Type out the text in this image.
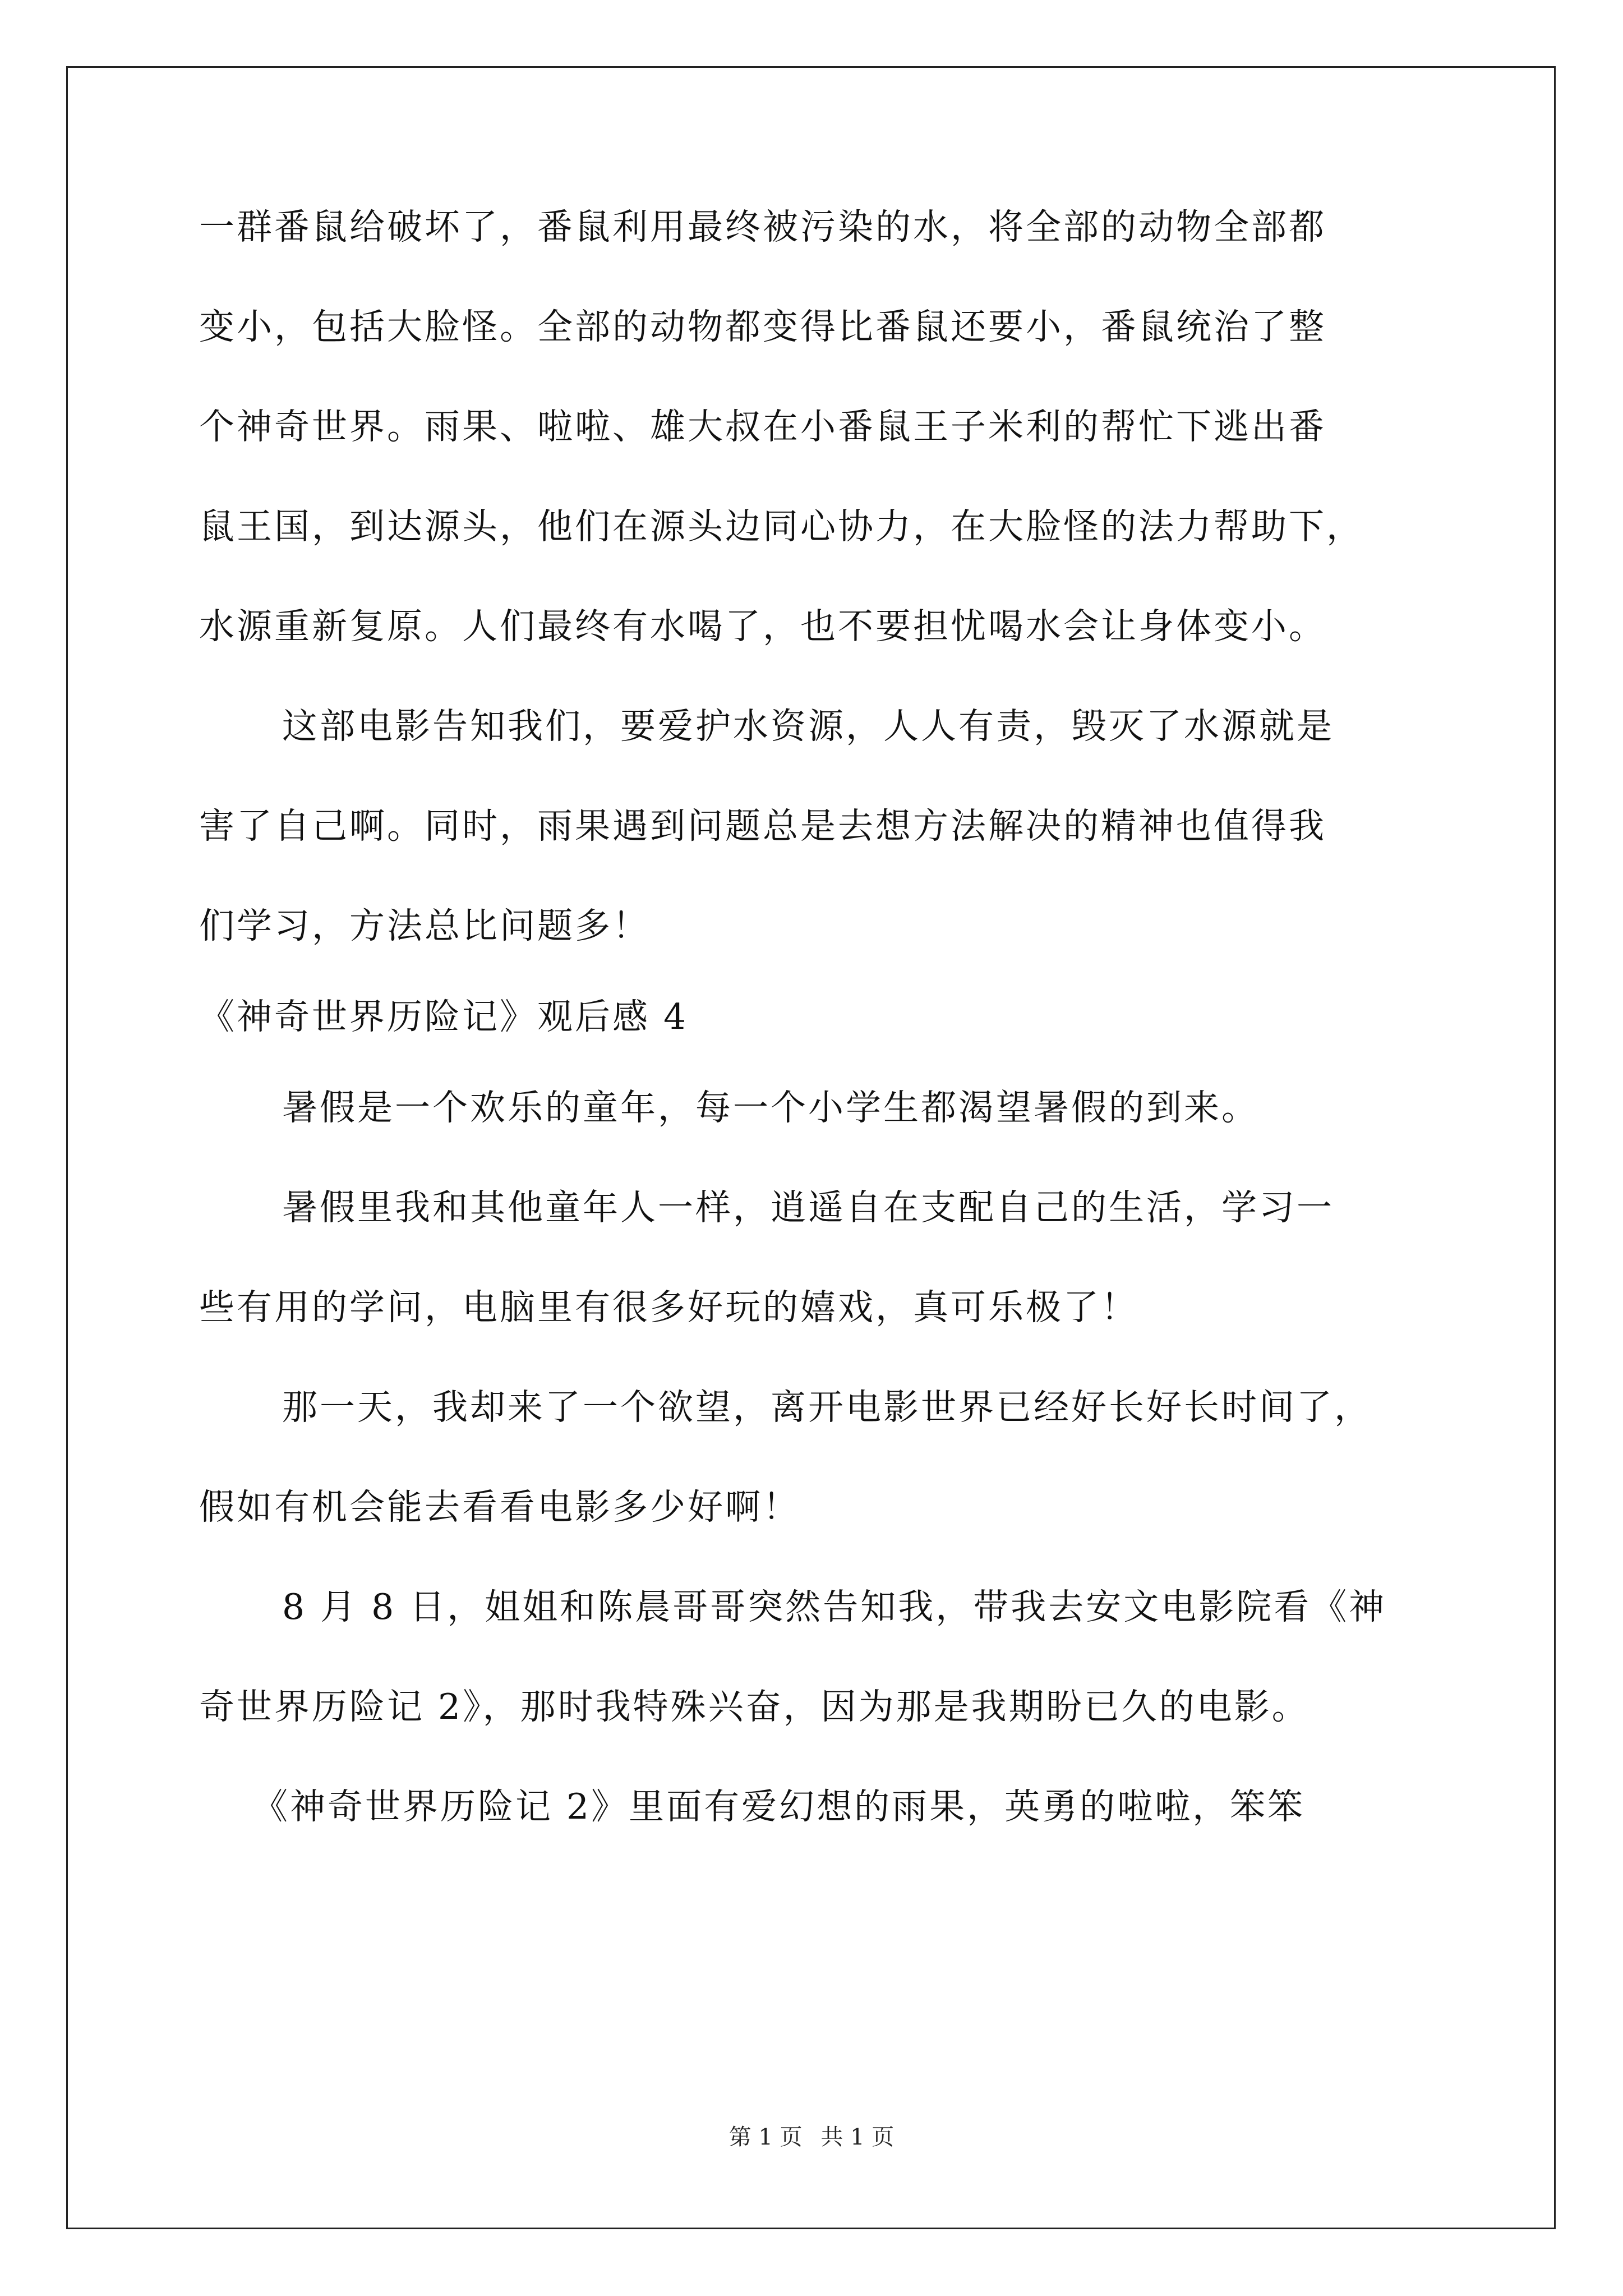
一群番鼠给破坏了，番鼠利用最终被污染的水，将全部的动物全部都
变小，包括大脸怪。全部的动物都变得比番鼠还要小，番鼠统治了整
个神奇世界。雨果、啦啦、雄大叔在小番鼠王子米利的帮忙下逃出番
鼠王国，到达源头，他们在源头边同心协力，在大脸怪的法力帮助下，
水源重新复原。人们最终有水喝了，也不要担忧喝水会让身体变小。
这部电影告知我们，要爱护水资源，人人有责，毁灭了水源就是
害了自己啊。同时，雨果遇到问题总是去想方法解决的精神也值得我
们学习，方法总比问题多！
《神奇世界历险记》观后感 4
暑假是一个欢乐的童年，每一个小学生都渴望暑假的到来。
暑假里我和其他童年人一样，逍遥自在支配自己的生活，学习一
些有用的学问，电脑里有很多好玩的嬉戏，真可乐极了！
那一天，我却来了一个欲望，离开电影世界已经好长好长时间了，
假如有机会能去看看电影多少好啊！
8 月 8 日，姐姐和陈晨哥哥突然告知我，带我去安文电影院看《神
奇世界历险记 2》，那时我特殊兴奋，因为那是我期盼已久的电影。
《神奇世界历险记 2》里面有爱幻想的雨果，英勇的啦啦，笨笨
第 1 页 共 1 页
